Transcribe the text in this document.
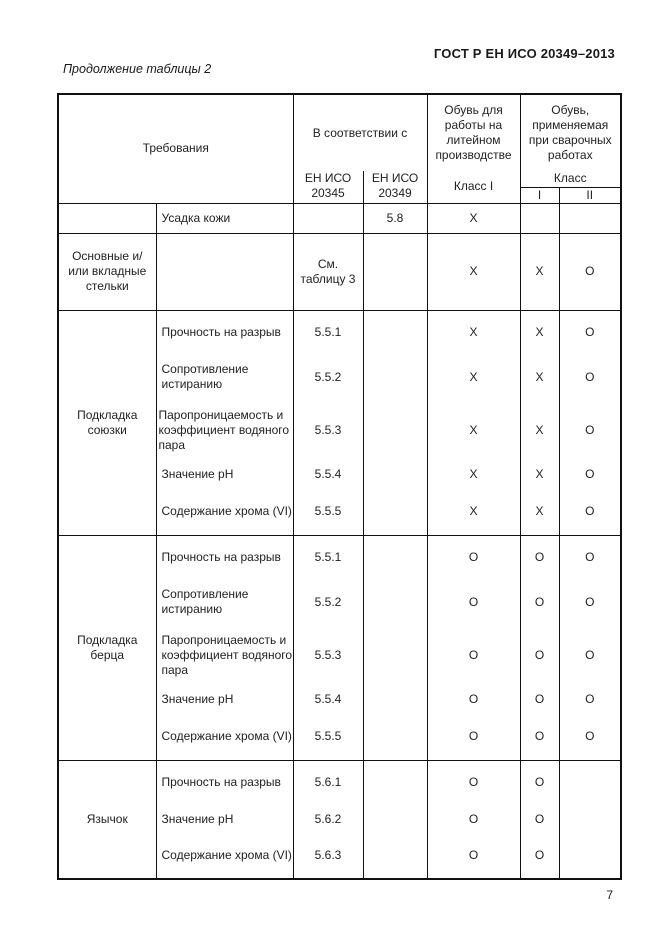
ГОСТ Р ЕН ИСО 20349–2013
Продолжение таблицы 2
Требования		В соответствии с		Обувь для работы на литейном производстве	Обувь, применяемая при сварочных работах	
		ЕН ИСО 20345	ЕН ИСО 20349	Класс I	Класс	
					I	II
	Усадка кожи		5.8	X		
Основные и/или вкладные стельки		См. таблицу 3		X	X	O
Подкладка союзки	Прочность на разрыв	5.5.1		X	X	O
	Сопротивление истиранию	5.5.2		X	X	O
	Паропроницаемость и коэффициент водяного пара	5.5.3		X	X	O
	Значение pH	5.5.4		X	X	O
	Содержание хрома (VI)	5.5.5		X	X	O
Подкладка берца	Прочность на разрыв	5.5.1		O	O	O
	Сопротивление истиранию	5.5.2		O	O	O
	Паропроницаемость и коэффициент водяного пара	5.5.3		O	O	O
	Значение pH	5.5.4		O	O	O
	Содержание хрома (VI)	5.5.5		O	O	O
Язычок	Прочность на разрыв	5.6.1		O	O	
	Значение pH	5.6.2		O	O	
	Содержание хрома (VI)	5.6.3		O	O	
7
